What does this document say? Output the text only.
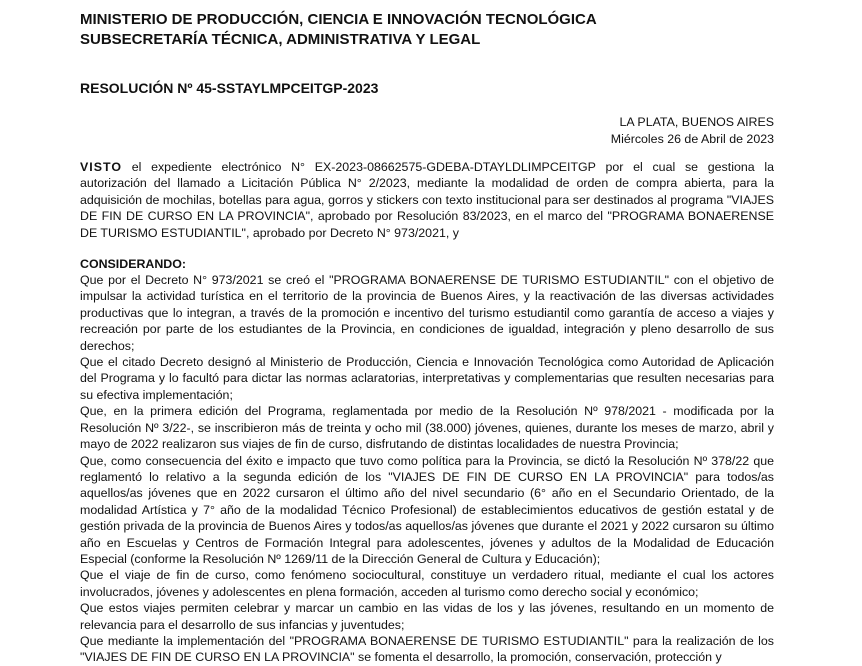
MINISTERIO DE PRODUCCIÓN, CIENCIA E INNOVACIÓN TECNOLÓGICA

SUBSECRETARÍA TÉCNICA, ADMINISTRATIVA Y LEGAL

RESOLUCIÓN Nº 45-SSTAYLMPCEITGP-2023

LA PLATA, BUENOS AIRES
Miércoles 26 de Abril de 2023
VISTO el expediente electrónico N° EX-2023-08662575-GDEBA-DTAYLDLIMPCEITGP por el cual se gestiona la autorización del llamado a Licitación Pública N° 2/2023, mediante la modalidad de orden de compra abierta, para la adquisición de mochilas, botellas para agua, gorros y stickers con texto institucional para ser destinados al programa "VIAJES DE FIN DE CURSO EN LA PROVINCIA", aprobado por Resolución 83/2023, en el marco del "PROGRAMA BONAERENSE DE TURISMO ESTUDIANTIL", aprobado por Decreto N° 973/2021, y
CONSIDERANDO:

Que por el Decreto N° 973/2021 se creó el "PROGRAMA BONAERENSE DE TURISMO ESTUDIANTIL" con el objetivo de impulsar la actividad turística en el territorio de la provincia de Buenos Aires, y la reactivación de las diversas actividades productivas que lo integran, a través de la promoción e incentivo del turismo estudiantil como garantía de acceso a viajes y recreación por parte de los estudiantes de la Provincia, en condiciones de igualdad, integración y pleno desarrollo de sus derechos;

Que el citado Decreto designó al Ministerio de Producción, Ciencia e Innovación Tecnológica como Autoridad de Aplicación del Programa y lo facultó para dictar las normas aclaratorias, interpretativas y complementarias que resulten necesarias para su efectiva implementación;

Que, en la primera edición del Programa, reglamentada por medio de la Resolución Nº 978/2021 - modificada por la Resolución Nº 3/22-, se inscribieron más de treinta y ocho mil (38.000) jóvenes, quienes, durante los meses de marzo, abril y mayo de 2022 realizaron sus viajes de fin de curso, disfrutando de distintas localidades de nuestra Provincia;

Que, como consecuencia del éxito e impacto que tuvo como política para la Provincia, se dictó la Resolución Nº 378/22 que reglamentó lo relativo a la segunda edición de los "VIAJES DE FIN DE CURSO EN LA PROVINCIA" para todos/as aquellos/as jóvenes que en 2022 cursaron el último año del nivel secundario (6° año en el Secundario Orientado, de la modalidad Artística y 7° año de la modalidad Técnico Profesional) de establecimientos educativos de gestión estatal y de gestión privada de la provincia de Buenos Aires y todos/as aquellos/as jóvenes que durante el 2021 y 2022 cursaron su último año en Escuelas y Centros de Formación Integral para adolescentes, jóvenes y adultos de la Modalidad de Educación Especial (conforme la Resolución Nº 1269/11 de la Dirección General de Cultura y Educación);

Que el viaje de fin de curso, como fenómeno sociocultural, constituye un verdadero ritual, mediante el cual los actores involucrados, jóvenes y adolescentes en plena formación, acceden al turismo como derecho social y económico;

Que estos viajes permiten celebrar y marcar un cambio en las vidas de los y las jóvenes, resultando en un momento de relevancia para el desarrollo de sus infancias y juventudes;

Que mediante la implementación del "PROGRAMA BONAERENSE DE TURISMO ESTUDIANTIL" para la realización de los "VIAJES DE FIN DE CURSO EN LA PROVINCIA" se fomenta el desarrollo, la promoción, conservación, protección y
